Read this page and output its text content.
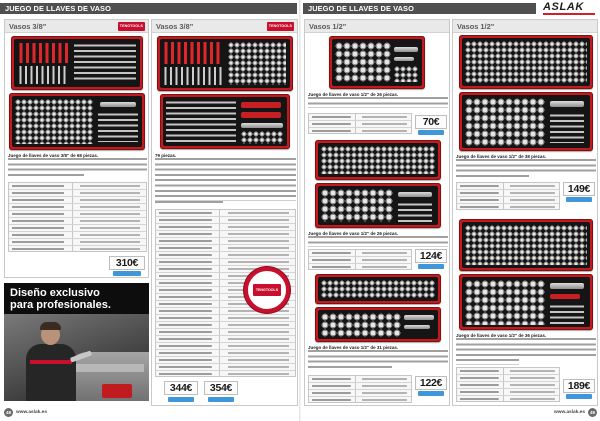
JUEGO DE LLAVES DE VASO	JUEGO DE LLAVES DE VASO	ASLAK
Vasos 3/8"	TENGTOOLS
Juego de llaves de vaso 3/8" de 68 piezas.
310€
Diseño exclusivo
para profesionales.
Vasos 3/8"	TENGTOOLS
79 piezas.
TENGTOOLS
344€	354€
Vasos 1/2"
Juego de llaves de vaso 1/2" de 26 piezas.
70€
Juego de llaves de vaso 1/2" de 26 piezas.
124€
Juego de llaves de vaso 1/2" de 31 piezas.
122€
Vasos 1/2"
Juego de llaves de vaso 1/2" de 38 piezas.
149€
Juego de llaves de vaso 1/2" de 36 piezas.
189€
48	www.aslak.es	www.aslak.es	49
